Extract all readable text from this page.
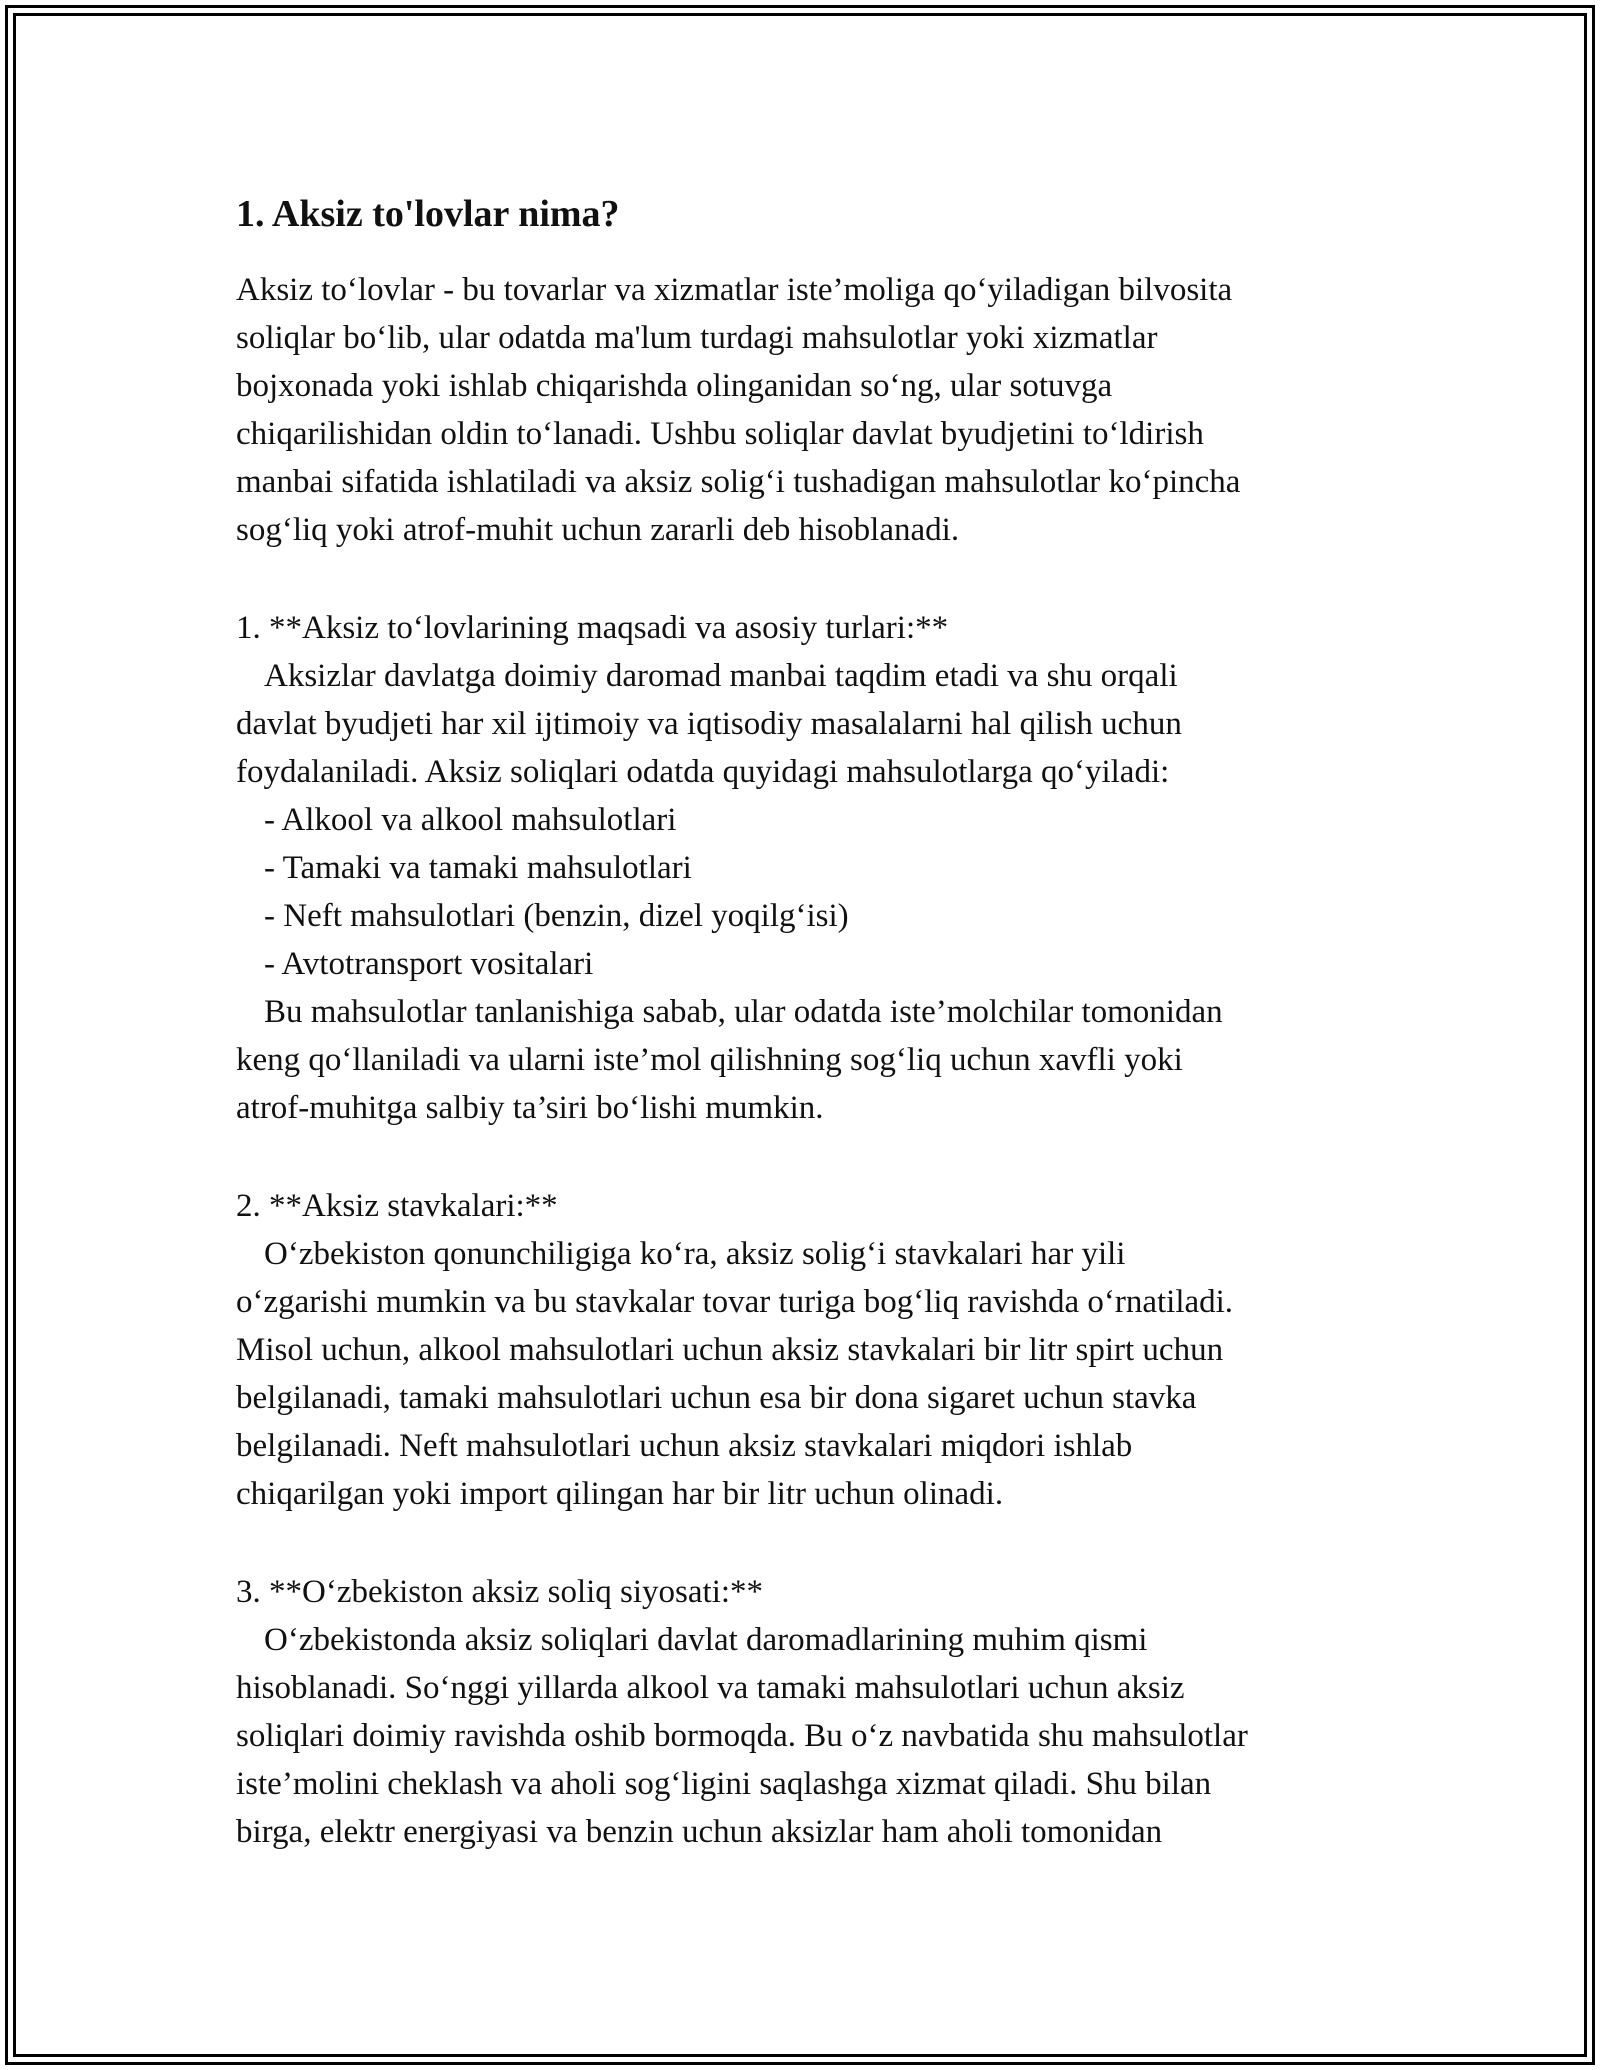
1. Aksiz to'lovlar nima?

Aksiz to‘lovlar - bu tovarlar va xizmatlar iste’moliga qo‘yiladigan bilvosita

soliqlar bo‘lib, ular odatda ma'lum turdagi mahsulotlar yoki xizmatlar

bojxonada yoki ishlab chiqarishda olinganidan so‘ng, ular sotuvga

chiqarilishidan oldin to‘lanadi. Ushbu soliqlar davlat byudjetini to‘ldirish

manbai sifatida ishlatiladi va aksiz solig‘i tushadigan mahsulotlar ko‘pincha

sog‘liq yoki atrof-muhit uchun zararli deb hisoblanadi.

1. **Aksiz to‘lovlarining maqsadi va asosiy turlari:**

Aksizlar davlatga doimiy daromad manbai taqdim etadi va shu orqali

davlat byudjeti har xil ijtimoiy va iqtisodiy masalalarni hal qilish uchun

foydalaniladi. Aksiz soliqlari odatda quyidagi mahsulotlarga qo‘yiladi:

- Alkool va alkool mahsulotlari

- Tamaki va tamaki mahsulotlari

- Neft mahsulotlari (benzin, dizel yoqilg‘isi)

- Avtotransport vositalari

Bu mahsulotlar tanlanishiga sabab, ular odatda iste’molchilar tomonidan

keng qo‘llaniladi va ularni iste’mol qilishning sog‘liq uchun xavfli yoki

atrof-muhitga salbiy ta’siri bo‘lishi mumkin.

2. **Aksiz stavkalari:**

O‘zbekiston qonunchiligiga ko‘ra, aksiz solig‘i stavkalari har yili

o‘zgarishi mumkin va bu stavkalar tovar turiga bog‘liq ravishda o‘rnatiladi.

Misol uchun, alkool mahsulotlari uchun aksiz stavkalari bir litr spirt uchun

belgilanadi, tamaki mahsulotlari uchun esa bir dona sigaret uchun stavka

belgilanadi. Neft mahsulotlari uchun aksiz stavkalari miqdori ishlab

chiqarilgan yoki import qilingan har bir litr uchun olinadi.

3. **O‘zbekiston aksiz soliq siyosati:**

O‘zbekistonda aksiz soliqlari davlat daromadlarining muhim qismi

hisoblanadi. So‘nggi yillarda alkool va tamaki mahsulotlari uchun aksiz

soliqlari doimiy ravishda oshib bormoqda. Bu o‘z navbatida shu mahsulotlar

iste’molini cheklash va aholi sog‘ligini saqlashga xizmat qiladi. Shu bilan

birga, elektr energiyasi va benzin uchun aksizlar ham aholi tomonidan
